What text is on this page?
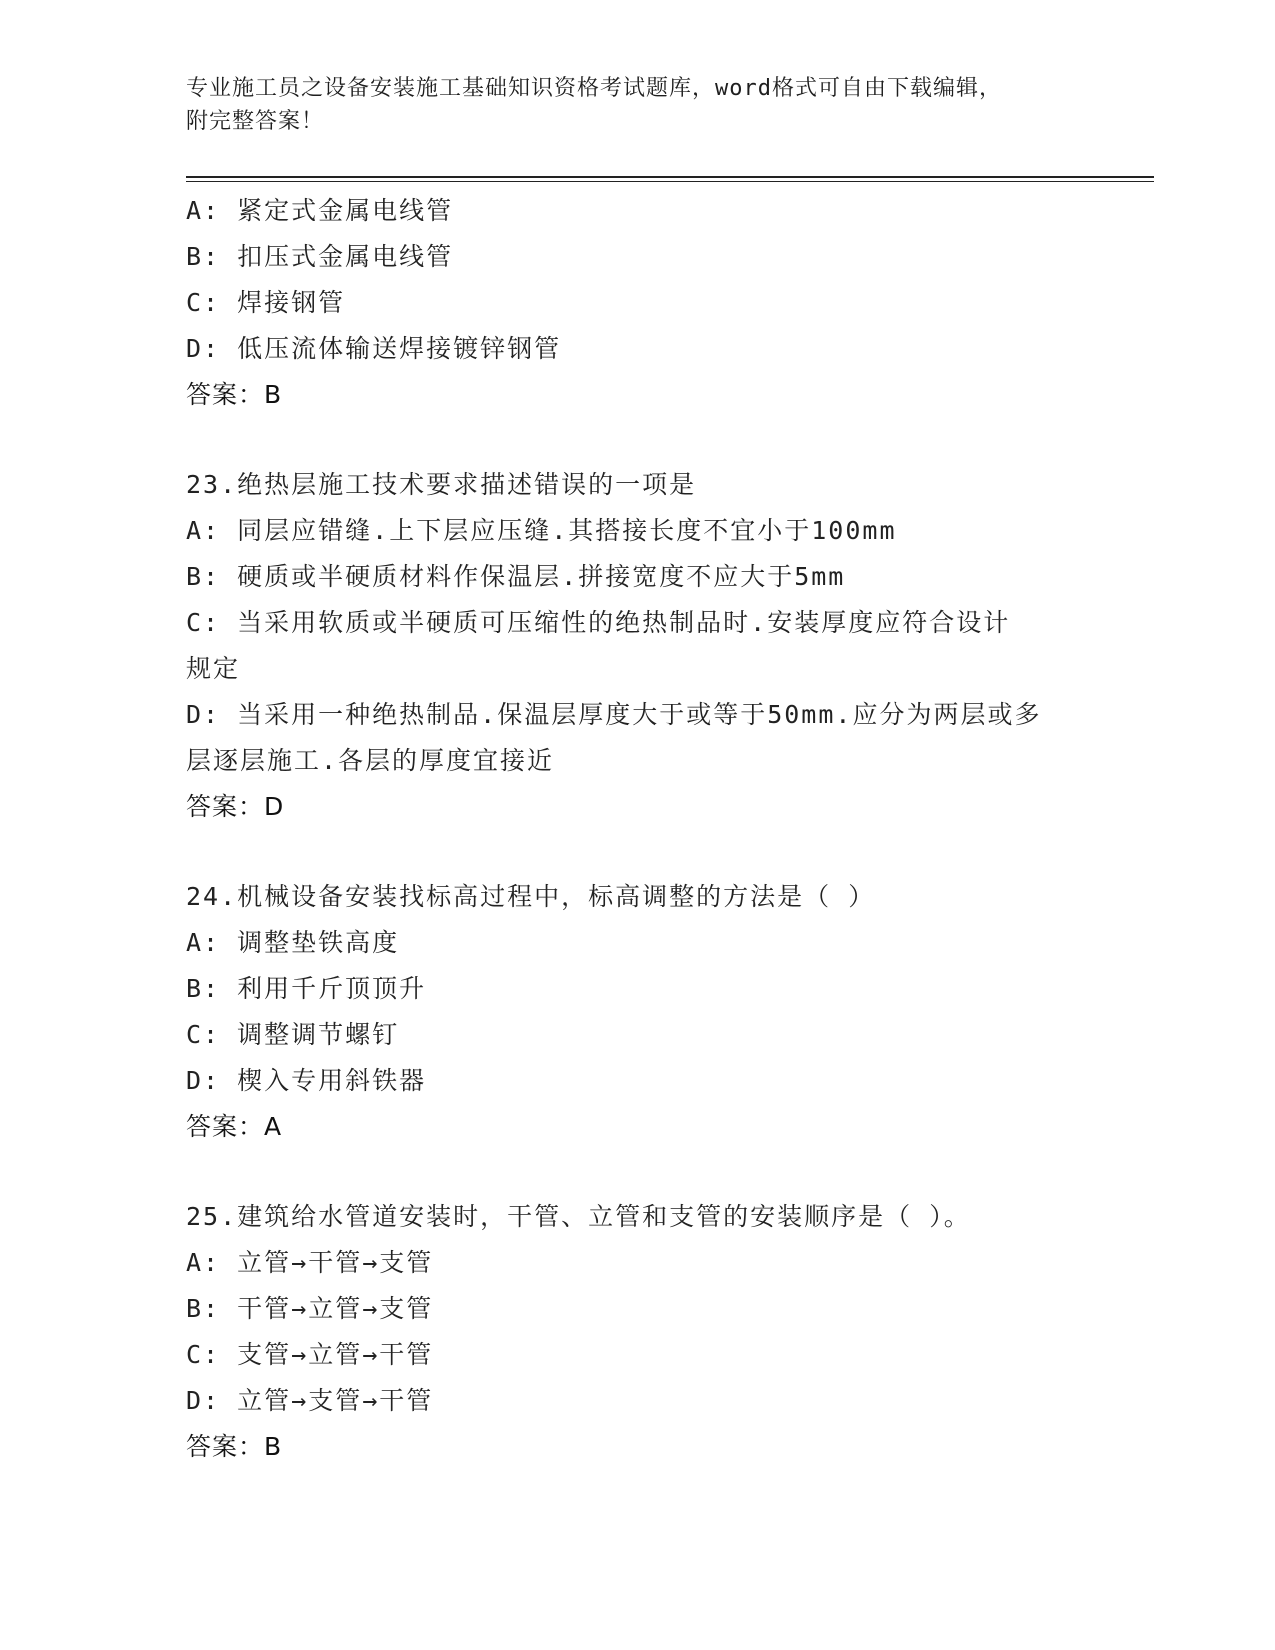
专业施工员之设备安装施工基础知识资格考试题库，word格式可自由下载编辑，
附完整答案！
A: 紧定式金属电线管
B: 扣压式金属电线管
C: 焊接钢管
D: 低压流体输送焊接镀锌钢管
答案：B
23.绝热层施工技术要求描述错误的一项是
A: 同层应错缝.上下层应压缝.其搭接长度不宜小于100mm
B: 硬质或半硬质材料作保温层.拼接宽度不应大于5mm
C: 当采用软质或半硬质可压缩性的绝热制品时.安装厚度应符合设计
规定
D: 当采用一种绝热制品.保温层厚度大于或等于50mm.应分为两层或多
层逐层施工.各层的厚度宜接近
答案：D
24.机械设备安装找标高过程中，标高调整的方法是（ ）
A: 调整垫铁高度
B: 利用千斤顶顶升
C: 调整调节螺钉
D: 楔入专用斜铁器
答案：A
25.建筑给水管道安装时，干管、立管和支管的安装顺序是（ ）。
A: 立管→干管→支管
B: 干管→立管→支管
C: 支管→立管→干管
D: 立管→支管→干管
答案：B
